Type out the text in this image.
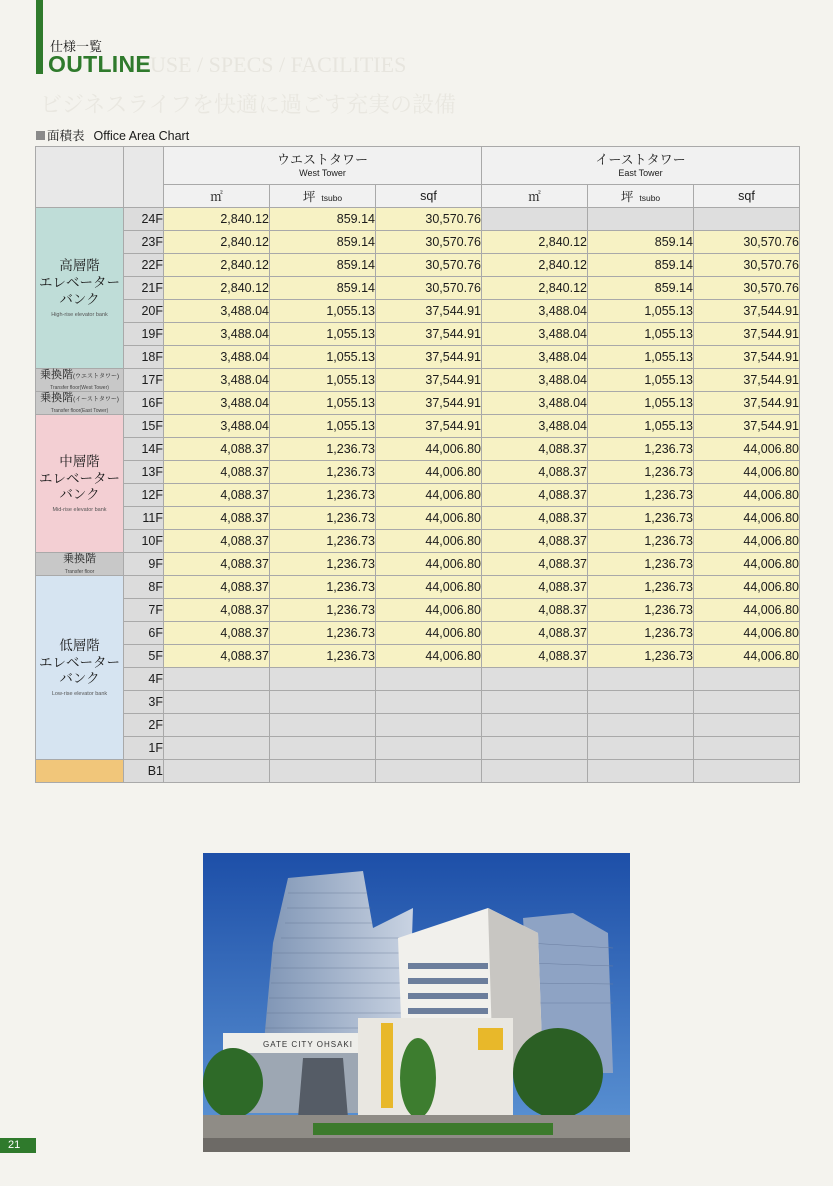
USE / SPECS / FACILITIES
ビジネスライフを快適に過ごす充実の設備
仕様一覧
OUTLINE
面積表 Office Area Chart

		ウエストタワー
West Tower			イーストタワー
East Tower		

		㎡	坪 tsubo	sqf	㎡	坪 tsubo	sqf

高層階
エレベーター
バンク
High-rise elevator bank	24F	2,840.12	859.14	30,570.76			
	23F	2,840.12	859.14	30,570.76	2,840.12	859.14	30,570.76
	22F	2,840.12	859.14	30,570.76	2,840.12	859.14	30,570.76
	21F	2,840.12	859.14	30,570.76	2,840.12	859.14	30,570.76
	20F	3,488.04	1,055.13	37,544.91	3,488.04	1,055.13	37,544.91
	19F	3,488.04	1,055.13	37,544.91	3,488.04	1,055.13	37,544.91
	18F	3,488.04	1,055.13	37,544.91	3,488.04	1,055.13	37,544.91

乗換階(ウエストタワー)
Transfer floor(West Tower)	17F	3,488.04	1,055.13	37,544.91	3,488.04	1,055.13	37,544.91

乗換階(イーストタワー)
Transfer floor(East Tower)	16F	3,488.04	1,055.13	37,544.91	3,488.04	1,055.13	37,544.91

中層階
エレベーター
バンク
Mid-rise elevator bank	15F	3,488.04	1,055.13	37,544.91	3,488.04	1,055.13	37,544.91
	14F	4,088.37	1,236.73	44,006.80	4,088.37	1,236.73	44,006.80
	13F	4,088.37	1,236.73	44,006.80	4,088.37	1,236.73	44,006.80
	12F	4,088.37	1,236.73	44,006.80	4,088.37	1,236.73	44,006.80
	11F	4,088.37	1,236.73	44,006.80	4,088.37	1,236.73	44,006.80
	10F	4,088.37	1,236.73	44,006.80	4,088.37	1,236.73	44,006.80

乗換階
Transfer floor	9F	4,088.37	1,236.73	44,006.80	4,088.37	1,236.73	44,006.80

低層階
エレベーター
バンク
Low-rise elevator bank	8F	4,088.37	1,236.73	44,006.80	4,088.37	1,236.73	44,006.80
	7F	4,088.37	1,236.73	44,006.80	4,088.37	1,236.73	44,006.80
	6F	4,088.37	1,236.73	44,006.80	4,088.37	1,236.73	44,006.80
	5F	4,088.37	1,236.73	44,006.80	4,088.37	1,236.73	44,006.80
	4F						
	3F						
	2F						
	1F						
	B1						
GATE CITY OHSAKI
21
